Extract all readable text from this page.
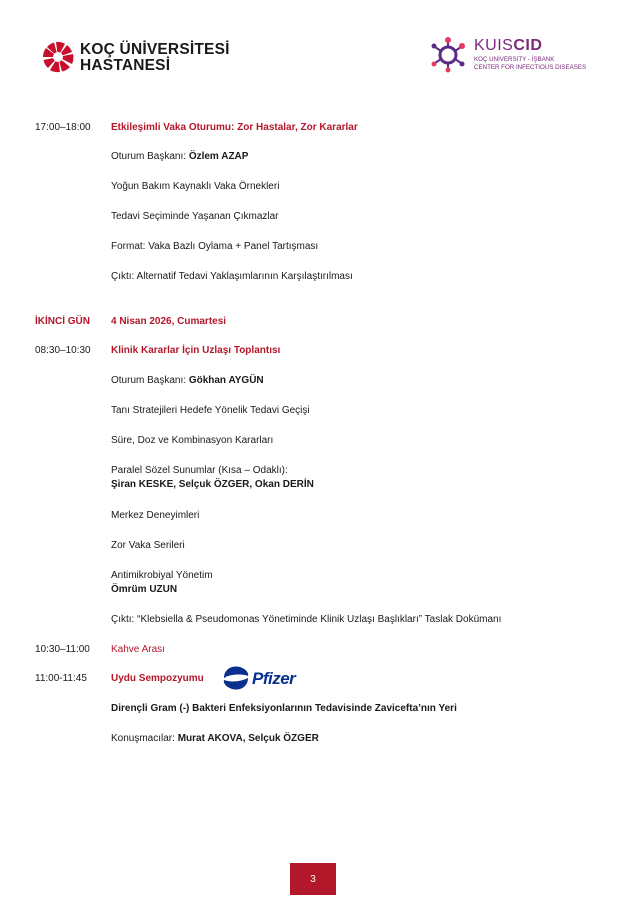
KOÇ ÜNİVERSİTESİ
HASTANESİ
KUISCID
KOÇ UNIVERSITY - İŞBANK
CENTER FOR INFECTIOUS DISEASES
17:00–18:00 Etkileşimli Vaka Oturumu: Zor Hastalar, Zor Kararlar
Oturum Başkanı: Özlem AZAP
Yoğun Bakım Kaynaklı Vaka Örnekleri
Tedavi Seçiminde Yaşanan Çıkmazlar
Format: Vaka Bazlı Oylama + Panel Tartışması
Çıktı: Alternatif Tedavi Yaklaşımlarının Karşılaştırılması
İKİNCİ GÜN 4 Nisan 2026, Cumartesi
08:30–10:30 Klinik Kararlar İçin Uzlaşı Toplantısı
Oturum Başkanı: Gökhan AYGÜN
Tanı Stratejileri Hedefe Yönelik Tedavi Geçişi
Süre, Doz ve Kombinasyon Kararları
Paralel Sözel Sunumlar (Kısa – Odaklı):
Şiran KESKE, Selçuk ÖZGER, Okan DERİN
Merkez Deneyimleri
Zor Vaka Serileri
Antimikrobiyal Yönetim
Ömrüm UZUN
Çıktı: “Klebsiella & Pseudomonas Yönetiminde Klinik Uzlaşı Başlıkları” Taslak Dokümanı
10:30–11:00 Kahve Arası
11:00-11:45 Uydu Sempozyumu	Pfizer
Dirençli Gram (-) Bakteri Enfeksiyonlarının Tedavisinde Zavicefta’nın Yeri
Konuşmacılar: Murat AKOVA, Selçuk ÖZGER
3
